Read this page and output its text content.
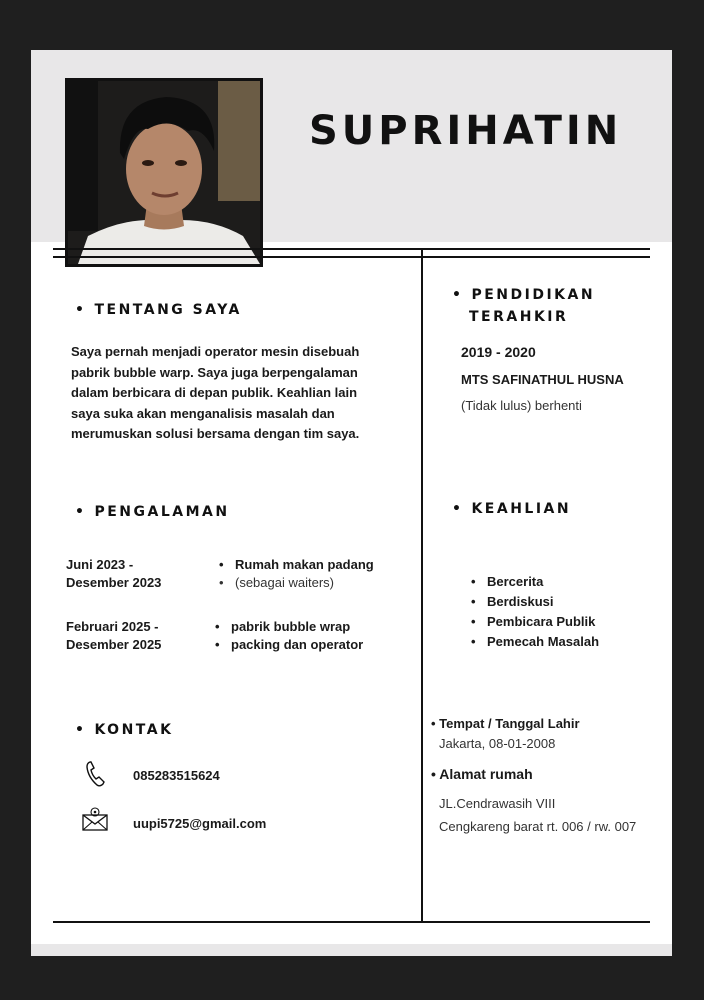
SUPRIHATIN
• TENTANG SAYA
Saya pernah menjadi operator mesin disebuah pabrik bubble warp. Saya juga berpengalaman dalam berbicara di depan publik. Keahlian lain saya suka akan menganalisis masalah dan merumuskan solusi bersama dengan tim saya.
• PENDIDIKAN
TERAHKIR
2019 - 2020
MTS SAFINATHUL HUSNA
(Tidak lulus) berhenti
• PENGALAMAN
Juni 2023 -
Desember 2023
• Rumah makan padang
• (sebagai waiters)
Februari 2025 -
Desember 2025
• pabrik bubble wrap
• packing dan operator
• KEAHLIAN
• Bercerita
• Berdiskusi
• Pembicara Publik
• Pemecah Masalah
• KONTAK
085283515624
uupi5725@gmail.com
• Tempat / Tanggal Lahir
Jakarta, 08-01-2008
• Alamat rumah
JL.Cendrawasih VIII
Cengkareng barat rt. 006 / rw. 007
